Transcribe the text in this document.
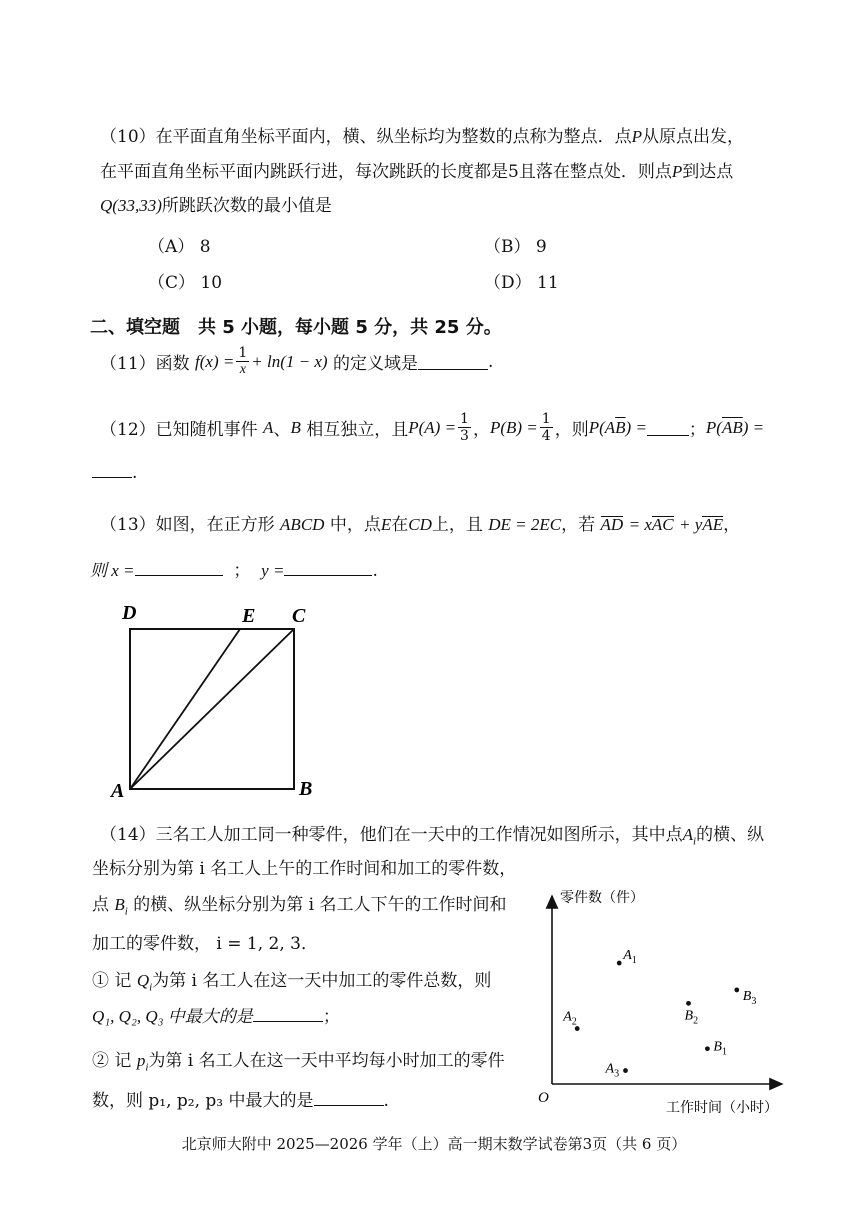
（10）在平面直角坐标平面内，横、纵坐标均为整数的点称为整点．点P从原点出发，
在平面直角坐标平面内跳跃行进，每次跳跃的长度都是5且落在整点处．则点P到达点
Q(33,33)所跳跃次数的最小值是
（A） 8	（B） 9
（C） 10	（D） 11
二、填空题　共 5 小题，每小题 5 分，共 25 分。
（11）函数
$f(x) = \frac{1}{x} + \ln(1 - x)$
的定义域是	.
（12）已知随机事件
A 、 B
相互独立，且 $P(A) = \frac{1}{3}$ ， $P(B) = \frac{1}{4}$ ，则 $P(A\overline{B})$ = ； $P(\overline{AB})$ =
.
（13）如图，在正方形 ABCD 中，点E在CD上，且 DE = 2EC，若 AD = xAC + yAE，
则 x =	； y =	.
D	E C
A	B
（14）三名工人加工同一种零件，他们在一天中的工作情况如图所示，其中点$A_i$的横、纵
坐标分别为第 i 名工人上午的工作时间和加工的零件数，
点 $B_i$ 的横、纵坐标分别为第 i 名工人下午的工作时间和
加工的零件数， i = 1, 2, 3．
① 记 $Q_i$为第 i 名工人在这一天中加工的零件总数，则
Q₁, Q₂, Q₃ 中最大的是	；
② 记 $p_i$为第 i 名工人在这一天中平均每小时加工的零件
数，则 p₁, p₂, p₃ 中最大的是	.
零件数（件）
工作时间（小时）
O
$A_1$
$A_2$
$A_3$
$B_1$
$B_2$
$B_3$
北京师大附中 2025—2026 学年（上）高一期末数学试卷第3页（共 6 页）
